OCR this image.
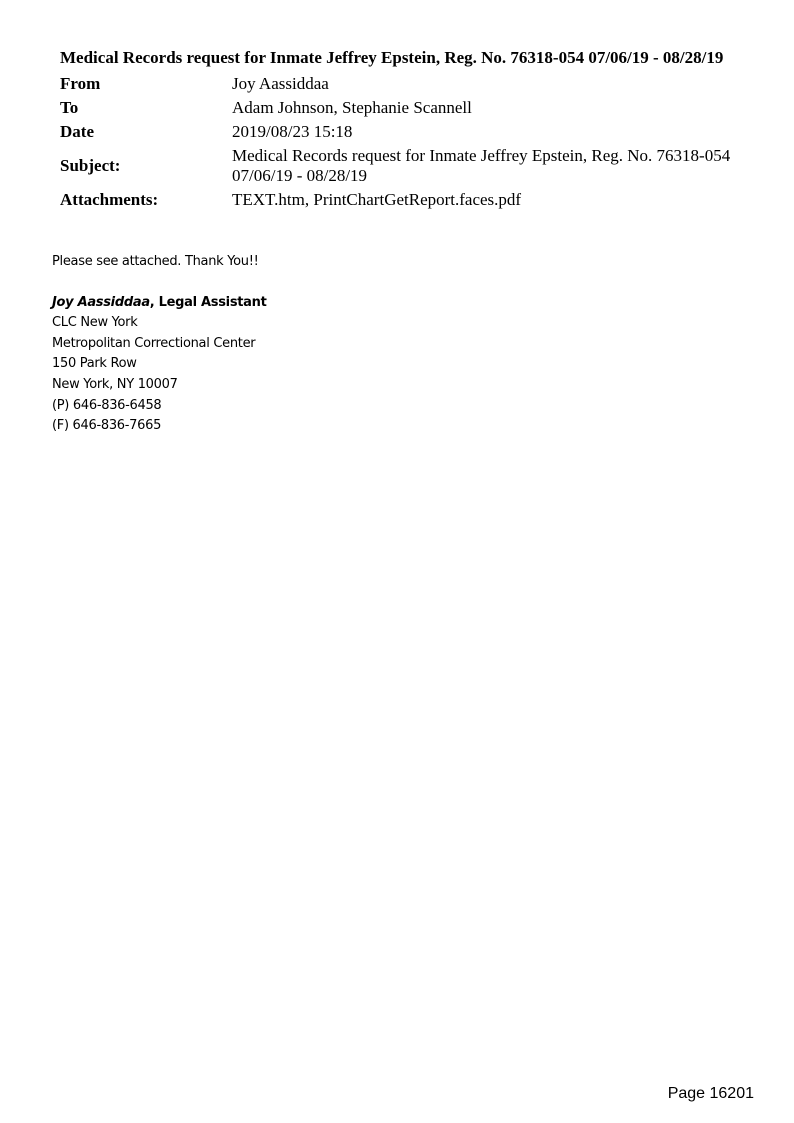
Medical Records request for Inmate Jeffrey Epstein, Reg. No. 76318-054 07/06/19 - 08/28/19
From	Joy Aassiddaa
To	Adam Johnson, Stephanie Scannell
Date	2019/08/23 15:18
Subject:	Medical Records request for Inmate Jeffrey Epstein, Reg. No. 76318-054 07/06/19 - 08/28/19
Attachments:	TEXT.htm, PrintChartGetReport.faces.pdf

Please see attached. Thank You!!

Joy Aassiddaa, Legal Assistant

CLC New York

Metropolitan Correctional Center

150 Park Row

New York, NY 10007

(P) 646-836-6458

(F) 646-836-7665

Page 16201
